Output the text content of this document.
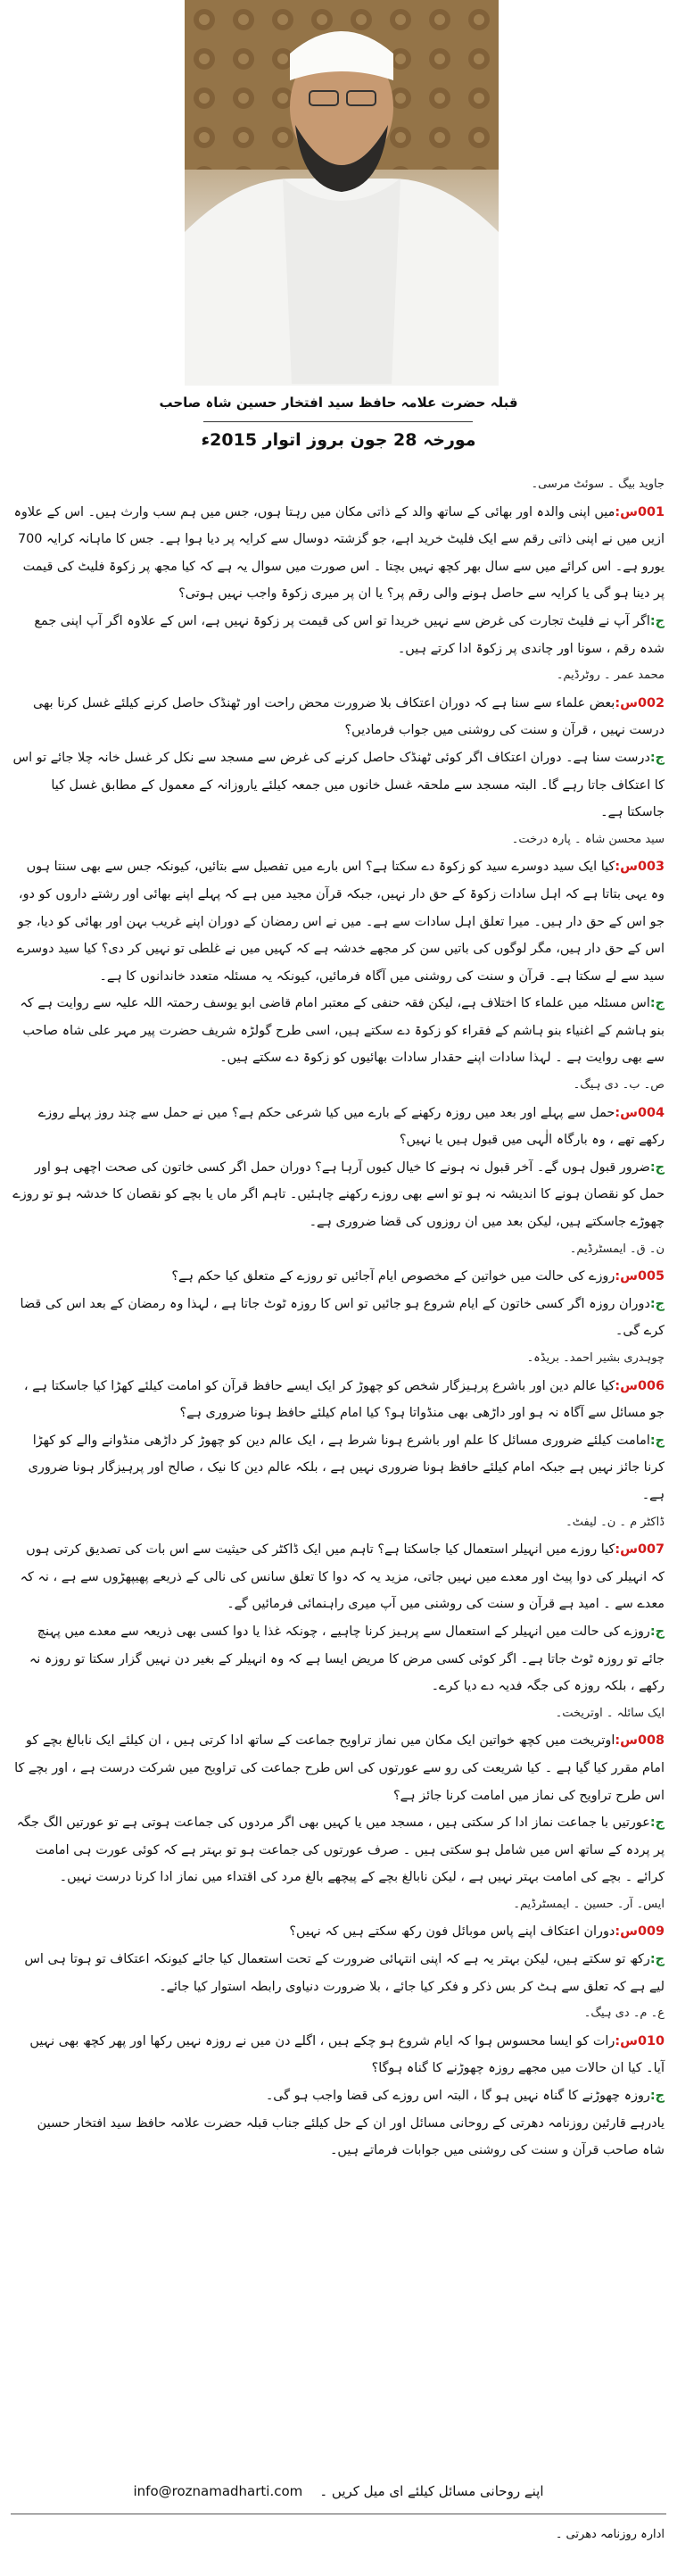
قبلہ حضرت علامہ حافظ سید افتخار حسین شاہ صاحب
مورخہ 28 جون بروز اتوار 2015ء

جاوید بیگ ۔ سوئٹ مرسی۔

001س:میں اپنی والدہ اور بھائی کے ساتھ والد کے ذاتی مکان میں رہتا ہوں، جس میں ہم سب وارث ہیں۔ اس کے علاوہ ازیں میں نے اپنی ذاتی رقم سے ایک فلیٹ خرید اہے، جو گزشتہ دوسال سے کرایہ پر دیا ہوا ہے۔ جس کا ماہانہ کرایہ 700 یورو ہے۔ اس کرائے میں سے سال بھر کچھ نہیں بچتا ۔ اس صورت میں سوال یہ ہے کہ کیا مجھ پر زکوۃ فلیٹ کی قیمت پر دینا ہو گی یا کرایہ سے حاصل ہونے والی رقم پر؟ یا ان پر میری زکوۃ واجب نہیں ہوتی؟

ج:اگر آپ نے فلیٹ تجارت کی غرض سے نہیں خریدا تو اس کی قیمت پر زکوۃ نہیں ہے، اس کے علاوہ اگر آپ اپنی جمع شدہ رقم ، سونا اور چاندی پر زکوۃ ادا کرتے ہیں۔

محمد عمر ۔ روٹرڈیم۔

002س:بعض علماء سے سنا ہے کہ دوران اعتکاف بلا ضرورت محض راحت اور ٹھنڈک حاصل کرنے کیلئے غسل کرنا بھی درست نہیں ، قرآن و سنت کی روشنی میں جواب فرمادیں؟

ج:درست سنا ہے۔ دوران اعتکاف اگر کوئی ٹھنڈک حاصل کرنے کی غرض سے مسجد سے نکل کر غسل خانہ چلا جائے تو اس کا اعتکاف جاتا رہے گا۔ البتہ مسجد سے ملحقہ غسل خانوں میں جمعہ کیلئے یاروزانہ کے معمول کے مطابق غسل کیا جاسکتا ہے۔

سید محسن شاہ ۔ پارہ درخت۔

003س:کیا ایک سید دوسرے سید کو زکوۃ دے سکتا ہے؟ اس بارے میں تفصیل سے بتائیں، کیونکہ جس سے بھی سنتا ہوں وہ یہی بتاتا ہے کہ اہل سادات زکوۃ کے حق دار نہیں، جبکہ قرآن مجید میں ہے کہ پہلے اپنے بھائی اور رشتے داروں کو دو، جو اس کے حق دار ہیں۔ میرا تعلق اہل سادات سے ہے۔ میں نے اس رمضان کے دوران اپنے غریب بہن اور بھائی کو دیا، جو اس کے حق دار ہیں، مگر لوگوں کی باتیں سن کر مجھے خدشہ ہے کہ کہیں میں نے غلطی تو نہیں کر دی؟ کیا سید دوسرے سید سے لے سکتا ہے۔ قرآن و سنت کی روشنی میں آگاہ فرمائیں، کیونکہ یہ مسئلہ متعدد خاندانوں کا ہے۔

ج:اس مسئلہ میں علماء کا اختلاف ہے، لیکن فقہ حنفی کے معتبر امام قاضی ابو یوسف رحمتہ اللہ علیہ سے روایت ہے کہ بنو ہاشم کے اغنیاء بنو ہاشم کے فقراء کو زکوۃ دے سکتے ہیں، اسی طرح گولڑہ شریف حضرت پیر مہر علی شاہ صاحب سے بھی روایت ہے ۔ لہذا سادات اپنے حقدار سادات بھائیوں کو زکوۃ دے سکتے ہیں۔

ص۔ ب۔ دی ہیگ۔

004س:حمل سے پہلے اور بعد میں روزہ رکھنے کے بارے میں کیا شرعی حکم ہے؟ میں نے حمل سے چند روز پہلے روزے رکھے تھے ، وہ بارگاہ الٰہی میں قبول ہیں یا نہیں؟

ج:ضرور قبول ہوں گے۔ آخر قبول نہ ہونے کا خیال کیوں آرہا ہے؟ دوران حمل اگر کسی خاتون کی صحت اچھی ہو اور حمل کو نقصان ہونے کا اندیشہ نہ ہو تو اسے بھی روزے رکھنے چاہئیں۔ تاہم اگر ماں یا بچے کو نقصان کا خدشہ ہو تو روزے چھوڑے جاسکتے ہیں، لیکن بعد میں ان روزوں کی قضا ضروری ہے۔

ن۔ ق۔ ایمسٹرڈیم۔

005س:روزے کی حالت میں خواتین کے مخصوص ایام آجائیں تو روزے کے متعلق کیا حکم ہے؟

ج:دوران روزہ اگر کسی خاتون کے ایام شروع ہو جائیں تو اس کا روزہ ٹوٹ جاتا ہے ، لہذا وہ رمضان کے بعد اس کی قضا کرے گی۔

چوہدری بشیر احمد۔ بریڈہ۔

006س:کیا عالم دین اور باشرع پرہیزگار شخص کو چھوڑ کر ایک ایسے حافظ قرآن کو امامت کیلئے کھڑا کیا جاسکتا ہے ، جو مسائل سے آگاہ نہ ہو اور داڑھی بھی منڈواتا ہو؟ کیا امام کیلئے حافظ ہونا ضروری ہے؟

ج:امامت کیلئے ضروری مسائل کا علم اور باشرع ہونا شرط ہے ، ایک عالم دین کو چھوڑ کر داڑھی منڈوانے والے کو کھڑا کرنا جائز نہیں ہے جبکہ امام کیلئے حافظ ہونا ضروری نہیں ہے ، بلکہ عالم دین کا نیک ، صالح اور پرہیزگار ہونا ضروری ہے۔

ڈاکٹر م ۔ ن۔ لیفٹ۔

007س:کیا روزے میں انہیلر استعمال کیا جاسکتا ہے؟ تاہم میں ایک ڈاکٹر کی حیثیت سے اس بات کی تصدیق کرتی ہوں کہ انہیلر کی دوا پیٹ اور معدے میں نہیں جاتی، مزید یہ کہ دوا کا تعلق سانس کی نالی کے ذریعے پھیپھڑوں سے ہے ، نہ کہ معدے سے ۔ امید ہے قرآن و سنت کی روشنی میں آپ میری راہنمائی فرمائیں گے۔

ج:روزے کی حالت میں انہیلر کے استعمال سے پرہیز کرنا چاہیے ، چونکہ غذا یا دوا کسی بھی ذریعہ سے معدے میں پہنچ جائے تو روزہ ٹوٹ جاتا ہے۔ اگر کوئی کسی مرض کا مریض ایسا ہے کہ وہ انہیلر کے بغیر دن نہیں گزار سکتا تو روزہ نہ رکھے ، بلکہ روزہ کی جگہ فدیہ دے دیا کرے۔

ایک سائلہ ۔ اوتریخت۔

008س:اوتریخت میں کچھ خواتین ایک مکان میں نماز تراویح جماعت کے ساتھ ادا کرتی ہیں ، ان کیلئے ایک نابالغ بچے کو امام مقرر کیا گیا ہے ۔ کیا شریعت کی رو سے عورتوں کی اس طرح جماعت کی تراویح میں شرکت درست ہے ، اور بچے کا اس طرح تراویح کی نماز میں امامت کرنا جائز ہے؟

ج:عورتیں با جماعت نماز ادا کر سکتی ہیں ، مسجد میں یا کہیں بھی اگر مردوں کی جماعت ہوتی ہے تو عورتیں الگ جگہ پر پردہ کے ساتھ اس میں شامل ہو سکتی ہیں ۔ صرف عورتوں کی جماعت ہو تو بہتر ہے کہ کوئی عورت ہی امامت کرائے ۔ بچے کی امامت بہتر نہیں ہے ، لیکن نابالغ بچے کے پیچھے بالغ مرد کی اقتداء میں نماز ادا کرنا درست نہیں۔

ایس۔ آر۔ حسین ۔ ایمسٹرڈیم۔

009س:دوران اعتکاف اپنے پاس موبائل فون رکھ سکتے ہیں کہ نہیں؟

ج:رکھ تو سکتے ہیں، لیکن بہتر یہ ہے کہ اپنی انتہائی ضرورت کے تحت استعمال کیا جائے کیونکہ اعتکاف تو ہوتا ہی اس لیے ہے کہ تعلق سے ہٹ کر بس ذکر و فکر کیا جائے ، بلا ضرورت دنیاوی رابطہ استوار کیا جائے۔

ع۔ م۔ دی ہیگ۔

010س:رات کو ایسا محسوس ہوا کہ ایام شروع ہو چکے ہیں ، اگلے دن میں نے روزہ نہیں رکھا اور پھر کچھ بھی نہیں آیا۔ کیا ان حالات میں مجھے روزہ چھوڑنے کا گناہ ہوگا؟

ج:روزہ چھوڑنے کا گناہ نہیں ہو گا ، البتہ اس روزے کی قضا واجب ہو گی۔

یادرہے قارئین روزنامہ دھرتی کے روحانی مسائل اور ان کے حل کیلئے جناب قبلہ حضرت علامہ حافظ سید افتخار حسین شاہ صاحب قرآن و سنت کی روشنی میں جوابات فرماتے ہیں۔

اپنے روحانی مسائل کیلئے ای میل کریں ۔    info@roznamadharti.com
ادارہ روزنامہ دھرتی ۔
